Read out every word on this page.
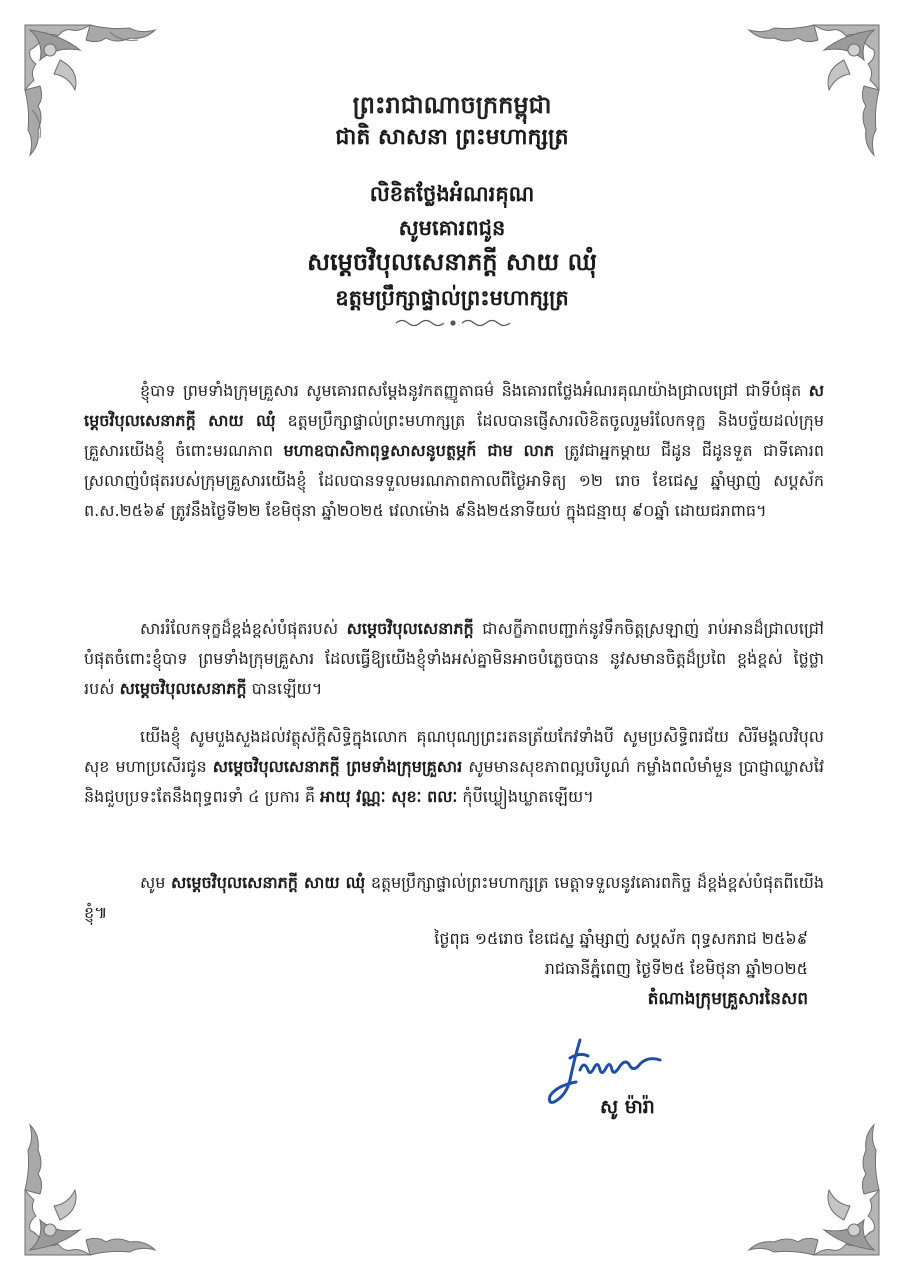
ព្រះរាជាណាចក្រកម្ពុជា
ជាតិ សាសនា ព្រះមហាក្សត្រ
លិខិតថ្លែងអំណរគុណ
សូមគោរពជូន
សម្តេចវិបុលសេនាភក្តី សាយ ឈុំ
ឧត្តមប្រឹក្សាផ្ទាល់ព្រះមហាក្សត្រ

ខ្ញុំបាទ ព្រមទាំងក្រុមគ្រួសារ សូមគោរពសម្តែងនូវកតញ្ញូតាធម៌ និងគោរពថ្លែងអំណរគុណយ៉ាងជ្រាលជ្រៅ ជាទីបំផុត សម្តេចវិបុលសេនាភក្តី សាយ ឈុំ ឧត្តមប្រឹក្សាផ្ទាល់ព្រះមហាក្សត្រ ដែលបានផ្ញើសារលិខិតចូលរួមរំលែកទុក្ខ និងបច្ច័យដល់ក្រុមគ្រួសារយើងខ្ញុំ ចំពោះមរណភាព មហាឧបាសិកាពុទ្ធសាសនូបត្ថម្ភក៍ ជាម លាភ ត្រូវជាអ្នកម្តាយ ជីដូន ជីដូនទួត ជាទីគោរពស្រលាញ់បំផុតរបស់ក្រុមគ្រួសារយើងខ្ញុំ ដែលបានទទួលមរណភាពកាលពីថ្ងៃអាទិត្យ ១២ រោច ខែជេស្ឋ ឆ្នាំម្សាញ់ សប្តស័ក ព.ស.២៥៦៩ ត្រូវនឹងថ្ងៃទី២២ ខែមិថុនា ឆ្នាំ២០២៥ វេលាម៉ោង ៩និង២៥នាទីយប់ ក្នុងជន្មាយុ ៩០ឆ្នាំ ដោយជរាពាធ។

សាររំលែកទុក្ខដ៏ខ្ពង់ខ្ពស់បំផុតរបស់ សម្តេចវិបុលសេនាភក្តី ជាសក្ខីភាពបញ្ជាក់នូវទឹកចិត្តស្រឡាញ់ រាប់អានដ៏ជ្រាលជ្រៅបំផុតចំពោះខ្ញុំបាទ ព្រមទាំងក្រុមគ្រួសារ ដែលធ្វើឱ្យយើងខ្ញុំទាំងអស់គ្នាមិនអាចបំភ្លេចបាន នូវសមានចិត្តដ៏ប្រពៃ ខ្ពង់ខ្ពស់ ថ្លៃថ្លារបស់ សម្តេចវិបុលសេនាភក្តី បានឡើយ។

យើងខ្ញុំ សូមបួងសួងដល់វត្ថុស័ក្តិសិទ្ធិក្នុងលោក គុណបុណ្យព្រះរតនត្រ័យកែវទាំងបី សូមប្រសិទ្ធិពរជ័យ សិរីមង្គលវិបុលសុខ មហាប្រសើរជូន សម្តេចវិបុលសេនាភក្តី ព្រមទាំងក្រុមគ្រួសារ សូមមានសុខភាពល្អបរិបូណ៌ កម្លាំងពលំមាំមួន ប្រាជ្ញាឈ្លាសវៃ និងជួបប្រទះតែនឹងពុទ្ធពរទាំ ៤ ប្រការ គឺ អាយុ វណ្ណៈ សុខៈ ពលៈ កុំបីឃ្លៀងឃ្លាតឡើយ។

សូម សម្តេចវិបុលសេនាភក្តី សាយ ឈុំ ឧត្តមប្រឹក្សាផ្ទាល់ព្រះមហាក្សត្រ មេត្តាទទួលនូវគោរពកិច្ច ដ៏ខ្ពង់ខ្ពស់បំផុតពីយើងខ្ញុំ៕

ថ្ងៃពុធ ១៥រោច ខែជេស្ឋ ឆ្នាំម្សាញ់ សប្តស័ក ពុទ្ធសករាជ ២៥៦៩
រាជធានីភ្នំពេញ ថ្ងៃទី២៥ ខែមិថុនា ឆ្នាំ២០២៥
តំណាងក្រុមគ្រួសារនៃសព
សូ ម៉ារ៉ា
